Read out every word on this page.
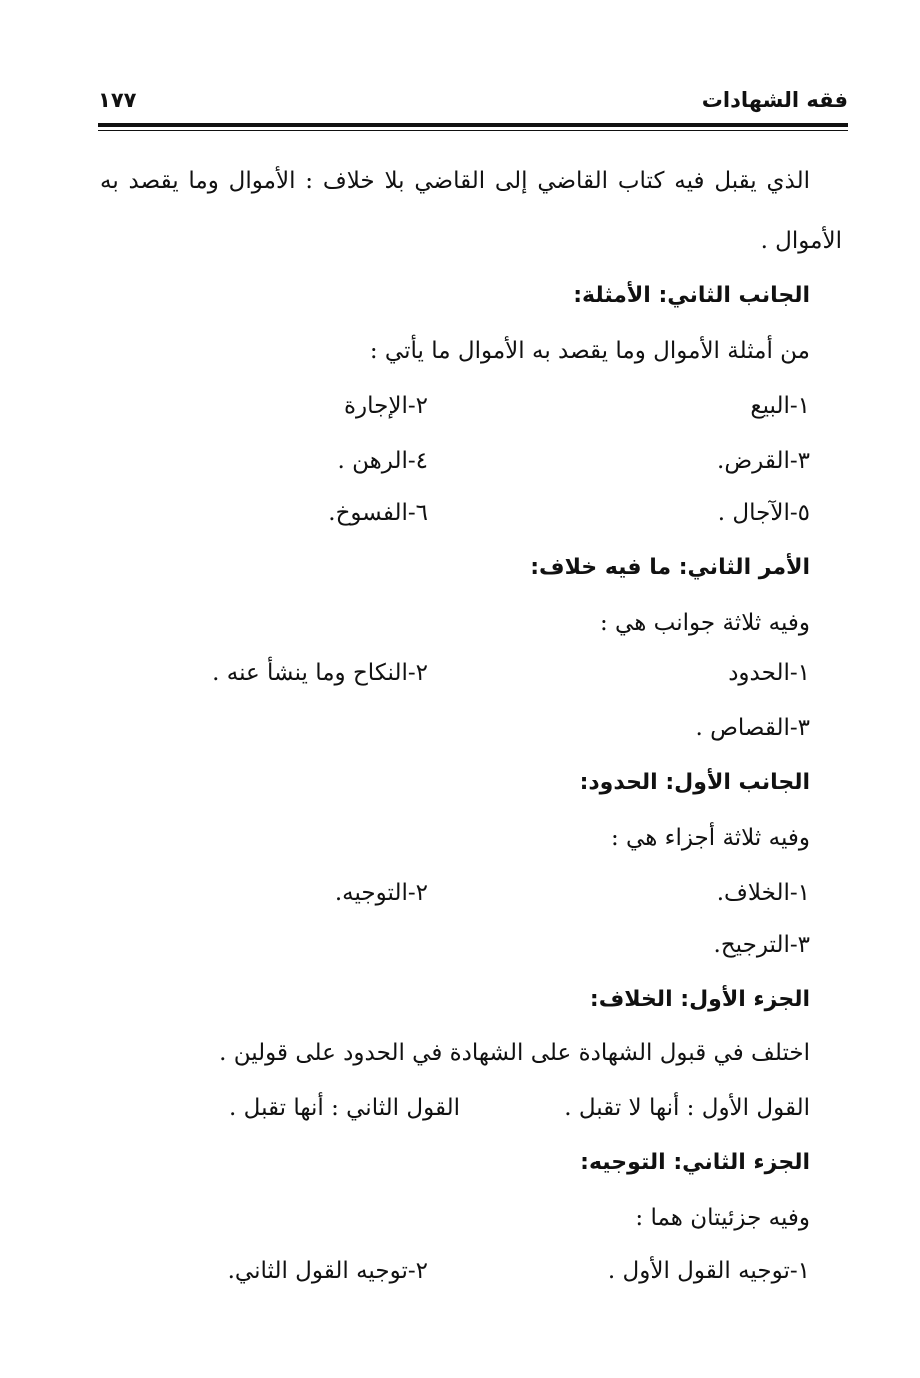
فقه الشهادات
١٧٧
الذي يقبل فيه كتاب القاضي إلى القاضي بلا خلاف : الأموال وما يقصد به
الأموال .
الجانب الثاني: الأمثلة:
من أمثلة الأموال وما يقصد به الأموال ما يأتي :
١-البيع
٢-الإجارة
٣-القرض.
٤-الرهن .
٥-الآجال .
٦-الفسوخ.
الأمر الثاني: ما فيه خلاف:
وفيه ثلاثة جوانب هي :
١-الحدود
٢-النكاح وما ينشأ عنه .
٣-القصاص .
الجانب الأول: الحدود:
وفيه ثلاثة أجزاء هي :
١-الخلاف.
٢-التوجيه.
٣-الترجيح.
الجزء الأول: الخلاف:
اختلف في قبول الشهادة على الشهادة في الحدود على قولين .
القول الأول : أنها لا تقبل .
القول الثاني : أنها تقبل .
الجزء الثاني: التوجيه:
وفيه جزئيتان هما :
١-توجيه القول الأول .
٢-توجيه القول الثاني.
